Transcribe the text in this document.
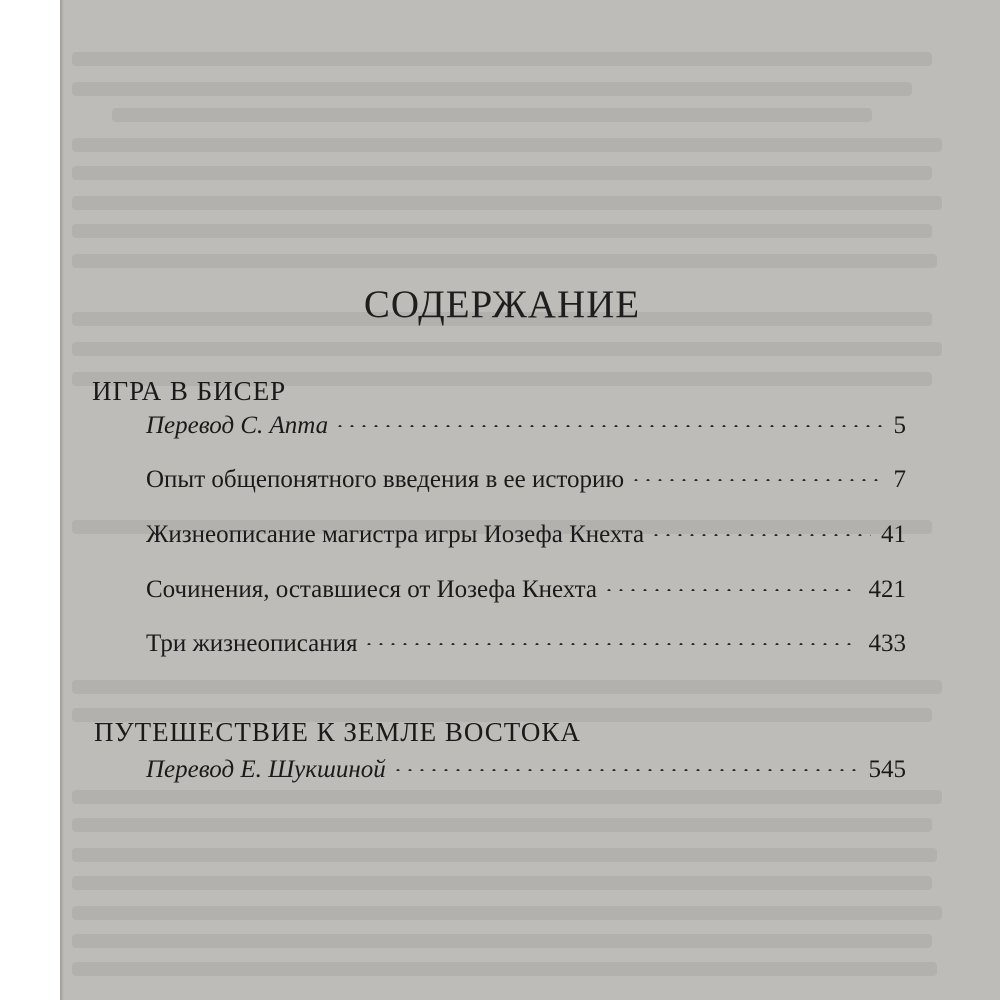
СОДЕРЖАНИЕ
ИГРА В БИСЕР
Перевод С. Апта	5
Опыт общепонятного введения в ее историю	7
Жизнеописание магистра игры Иозефа Кнехта	41
Сочинения, оставшиеся от Иозефа Кнехта	421
Три жизнеописания	433
ПУТЕШЕСТВИЕ К ЗЕМЛЕ ВОСТОКА
Перевод Е. Шукшиной	545
